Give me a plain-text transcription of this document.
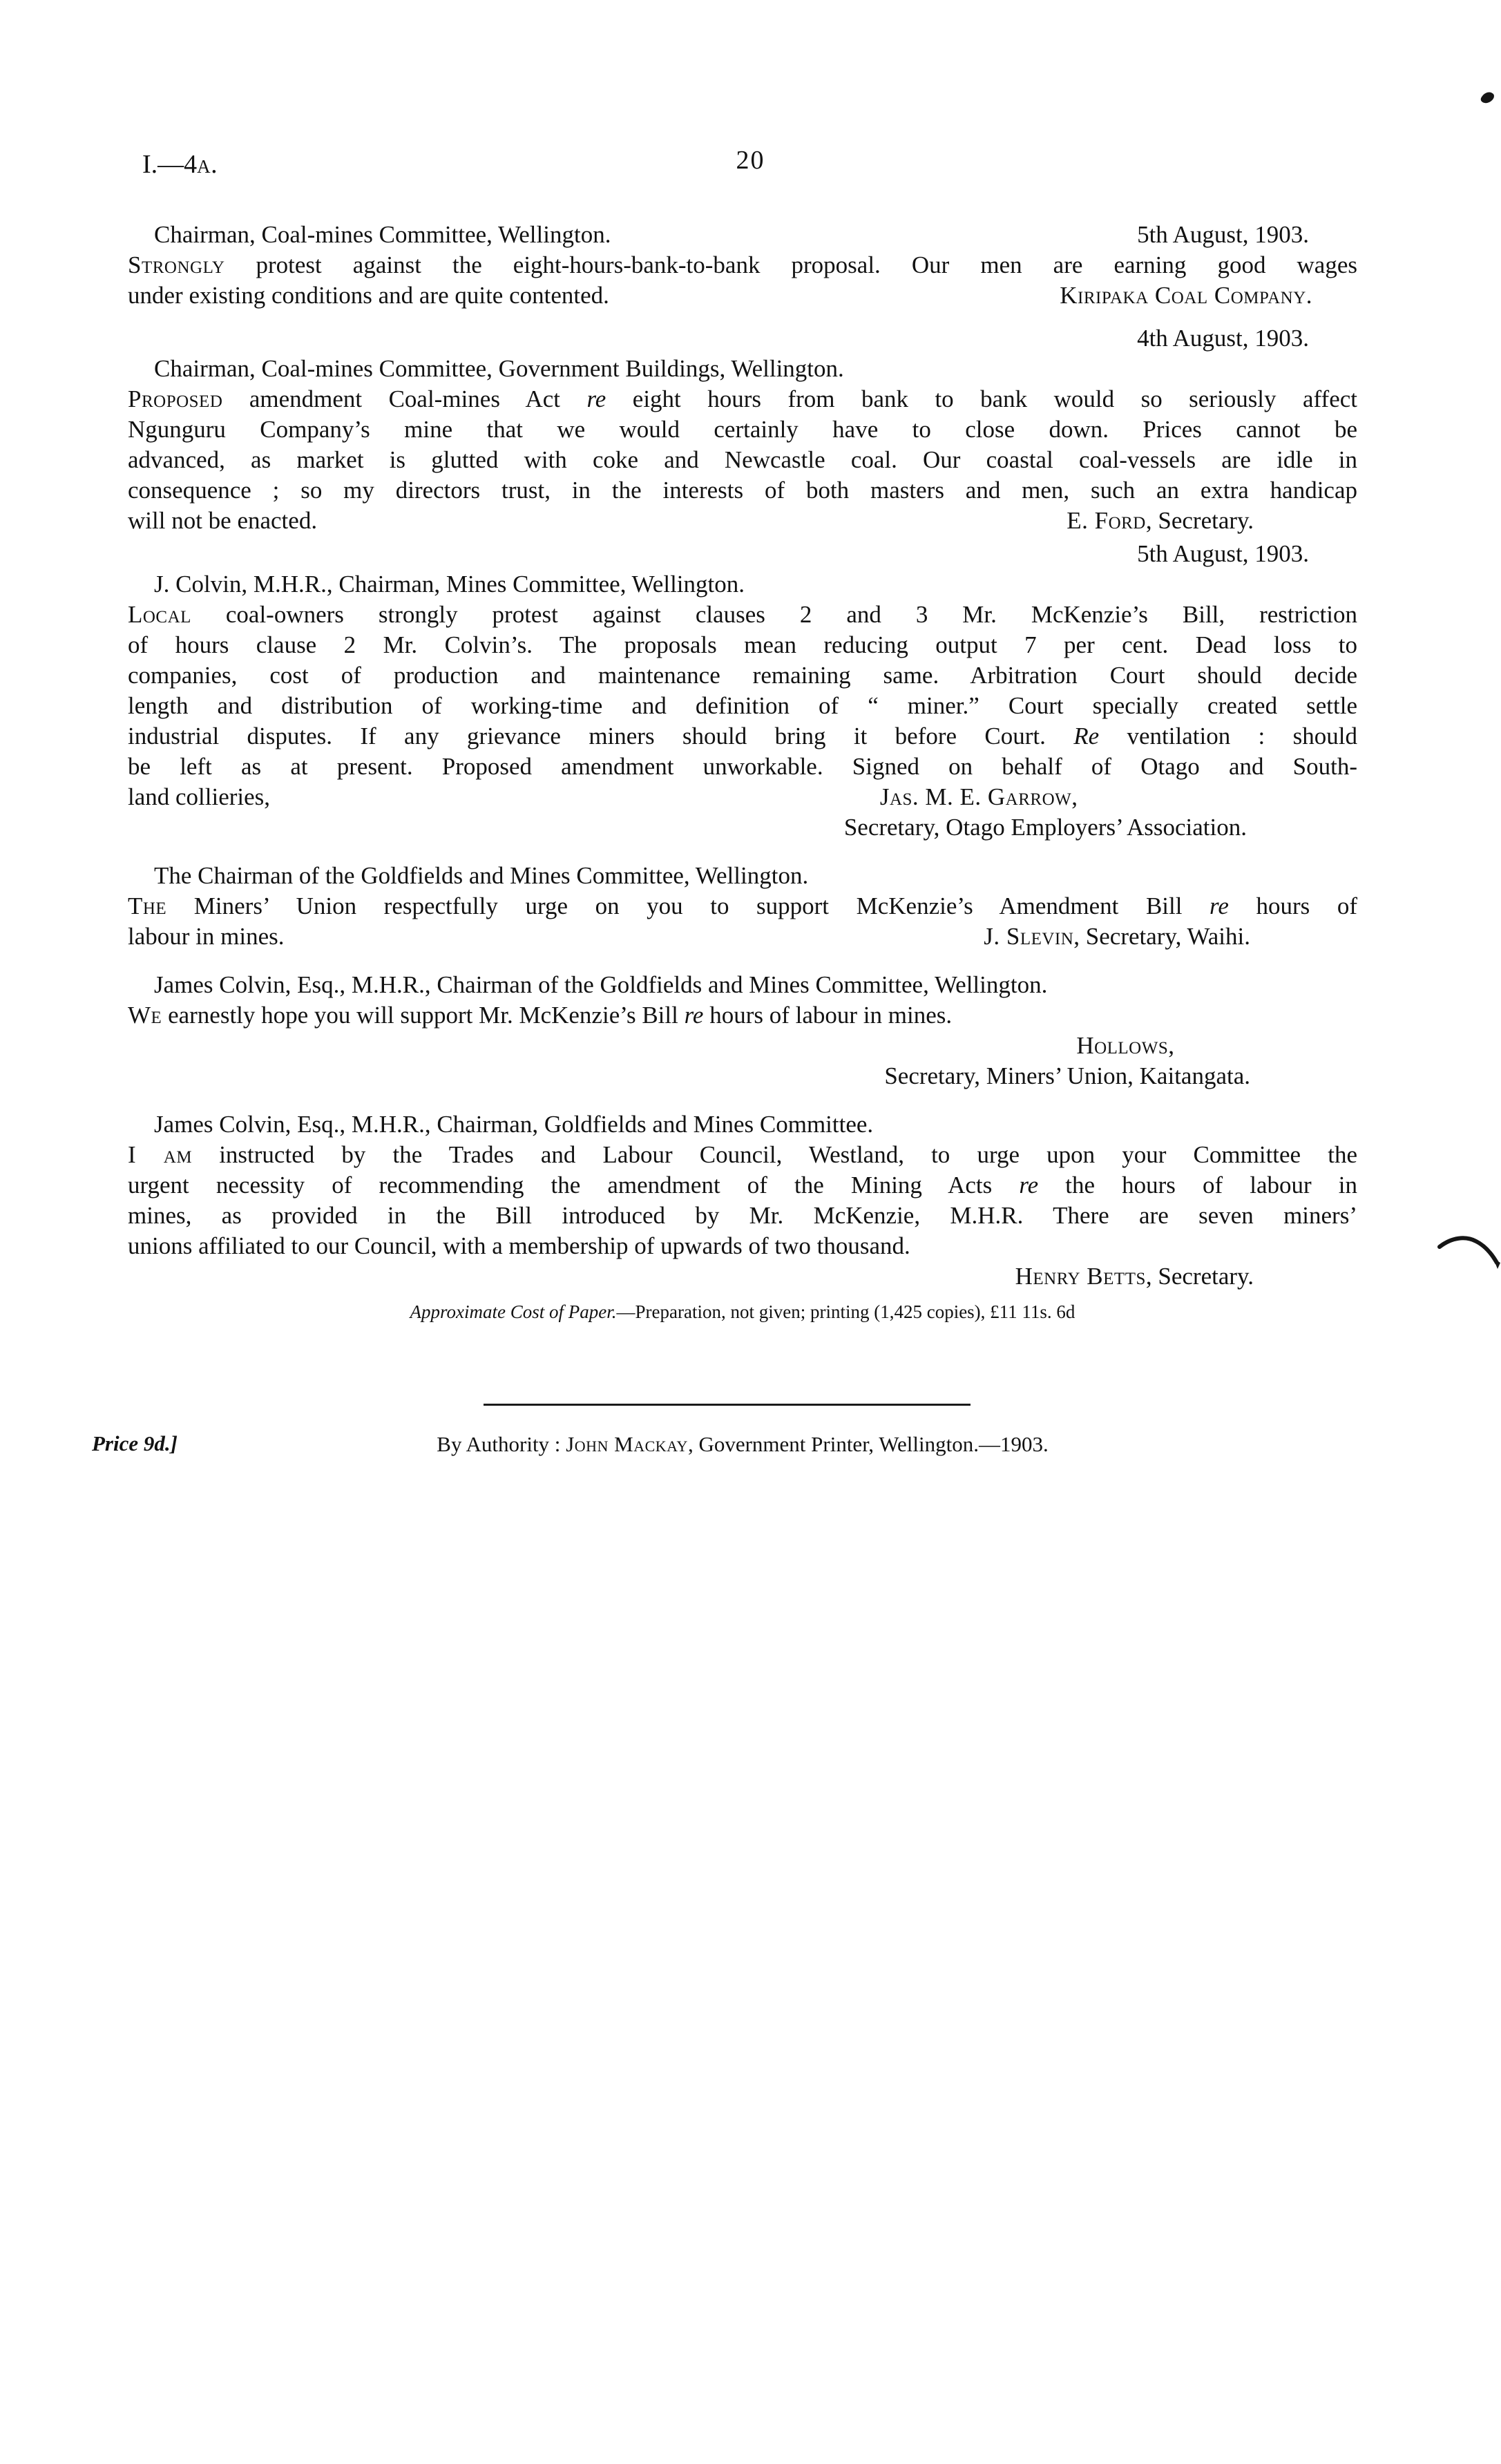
I.—4a.	20
Chairman, Coal-mines Committee, Wellington.	5th August, 1903.
Strongly protest against the eight-hours-bank-to-bank proposal. Our men are earning good wages
under existing conditions and are quite contented.	Kiripaka Coal Company.
4th August, 1903.
Chairman, Coal-mines Committee, Government Buildings, Wellington.
Proposed amendment Coal-mines Act re eight hours from bank to bank would so seriously affect
Ngunguru Company’s mine that we would certainly have to close down. Prices cannot be
advanced, as market is glutted with coke and Newcastle coal. Our coastal coal-vessels are idle in
consequence ; so my directors trust, in the interests of both masters and men, such an extra handicap
will not be enacted.	E. Ford, Secretary.
5th August, 1903.
J. Colvin, M.H.R., Chairman, Mines Committee, Wellington.
Local coal-owners strongly protest against clauses 2 and 3 Mr. McKenzie’s Bill, restriction
of hours clause 2 Mr. Colvin’s. The proposals mean reducing output 7 per cent. Dead loss to
companies, cost of production and maintenance remaining same. Arbitration Court should decide
length and distribution of working-time and definition of “ miner.” Court specially created settle
industrial disputes. If any grievance miners should bring it before Court. Re ventilation : should
be left as at present. Proposed amendment unworkable. Signed on behalf of Otago and South-
land collieries,	Jas. M. E. Garrow,
Secretary, Otago Employers’ Association.
The Chairman of the Goldfields and Mines Committee, Wellington.
The Miners’ Union respectfully urge on you to support McKenzie’s Amendment Bill re hours of
labour in mines.	J. Slevin, Secretary, Waihi.
James Colvin, Esq., M.H.R., Chairman of the Goldfields and Mines Committee, Wellington.
We earnestly hope you will support Mr. McKenzie’s Bill re hours of labour in mines.
Hollows,
Secretary, Miners’ Union, Kaitangata.
James Colvin, Esq., M.H.R., Chairman, Goldfields and Mines Committee.
I am instructed by the Trades and Labour Council, Westland, to urge upon your Committee the
urgent necessity of recommending the amendment of the Mining Acts re the hours of labour in
mines, as provided in the Bill introduced by Mr. McKenzie, M.H.R. There are seven miners’
unions affiliated to our Council, with a membership of upwards of two thousand.
Henry Betts, Secretary.
Approximate Cost of Paper.—Preparation, not given; printing (1,425 copies), £11 11s. 6d
By Authority : John Mackay, Government Printer, Wellington.—1903.
Price 9d.]
